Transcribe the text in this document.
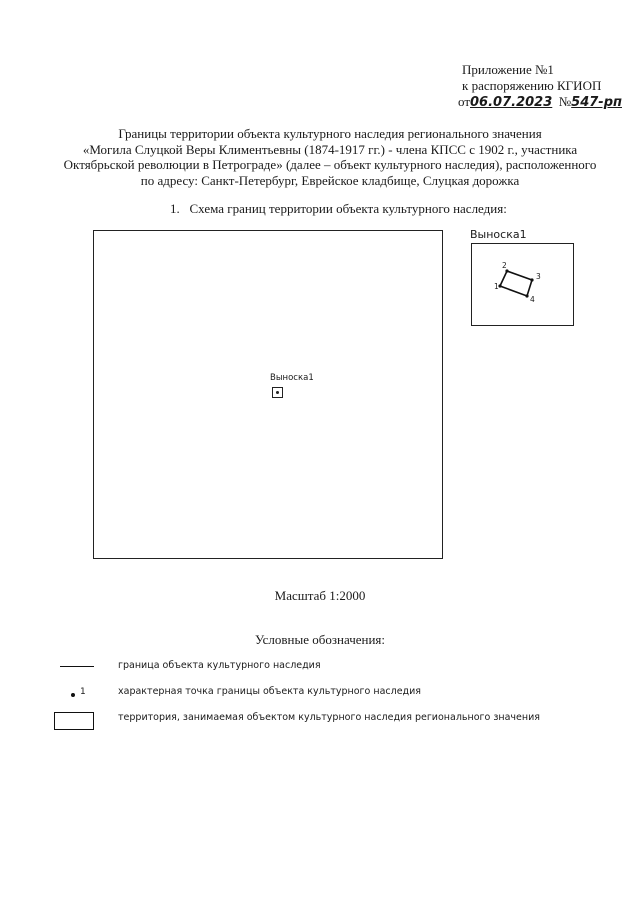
Приложение №1
к распоряжению КГИОП
от06.07.2023 №547-рп
Границы территории объекта культурного наследия регионального значения
«Могила Слуцкой Веры Климентьевны (1874-1917 гг.) - члена КПСС с 1902 г., участника
Октябрьской революции в Петрограде» (далее – объект культурного наследия), расположенного
по адресу: Санкт-Петербург, Еврейское кладбище, Слуцкая дорожка
1. Схема границ территории объекта культурного наследия:
Выноска1
Выноска1
1
2
3
4
Масштаб 1:2000
Условные обозначения:
граница объекта культурного наследия
1	характерная точка границы объекта культурного наследия
территория, занимаемая объектом культурного наследия регионального значения
